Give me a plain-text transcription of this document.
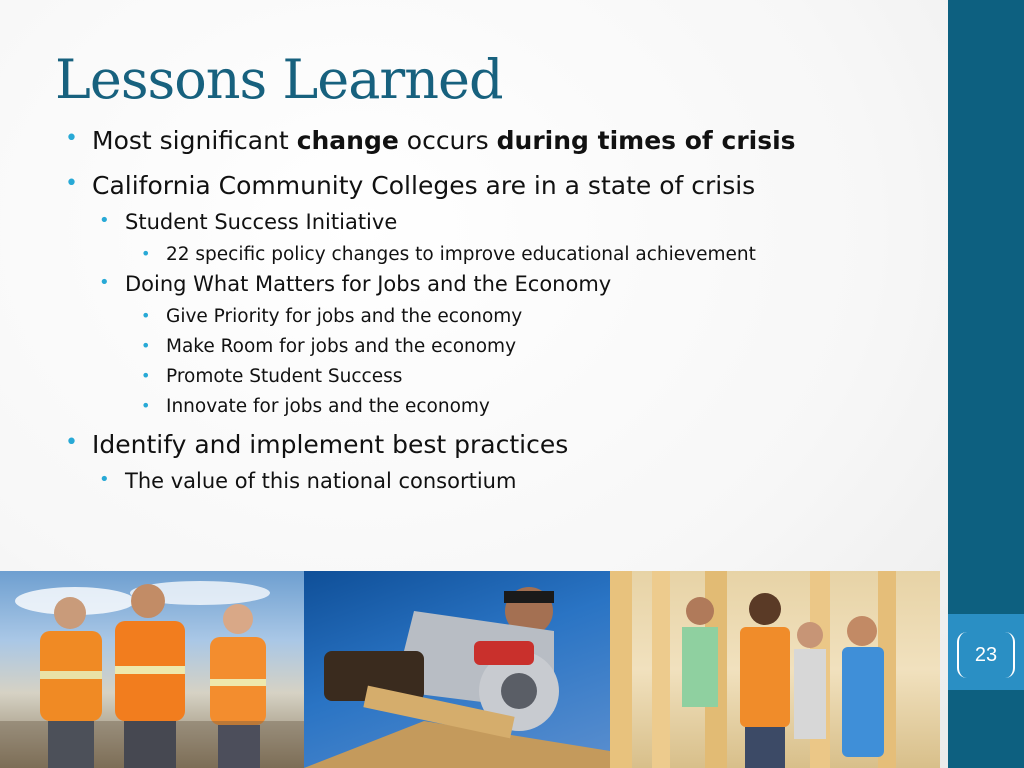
23
Lessons Learned
• Most significant change occurs during times of crisis
• California Community Colleges are in a state of crisis
• Student Success Initiative
• 22 specific policy changes to improve educational achievement
• Doing What Matters for Jobs and the Economy
• Give Priority for jobs and the economy
• Make Room for jobs and the economy
• Promote Student Success
• Innovate for jobs and the economy
• Identify and implement best practices
• The value of this national consortium
